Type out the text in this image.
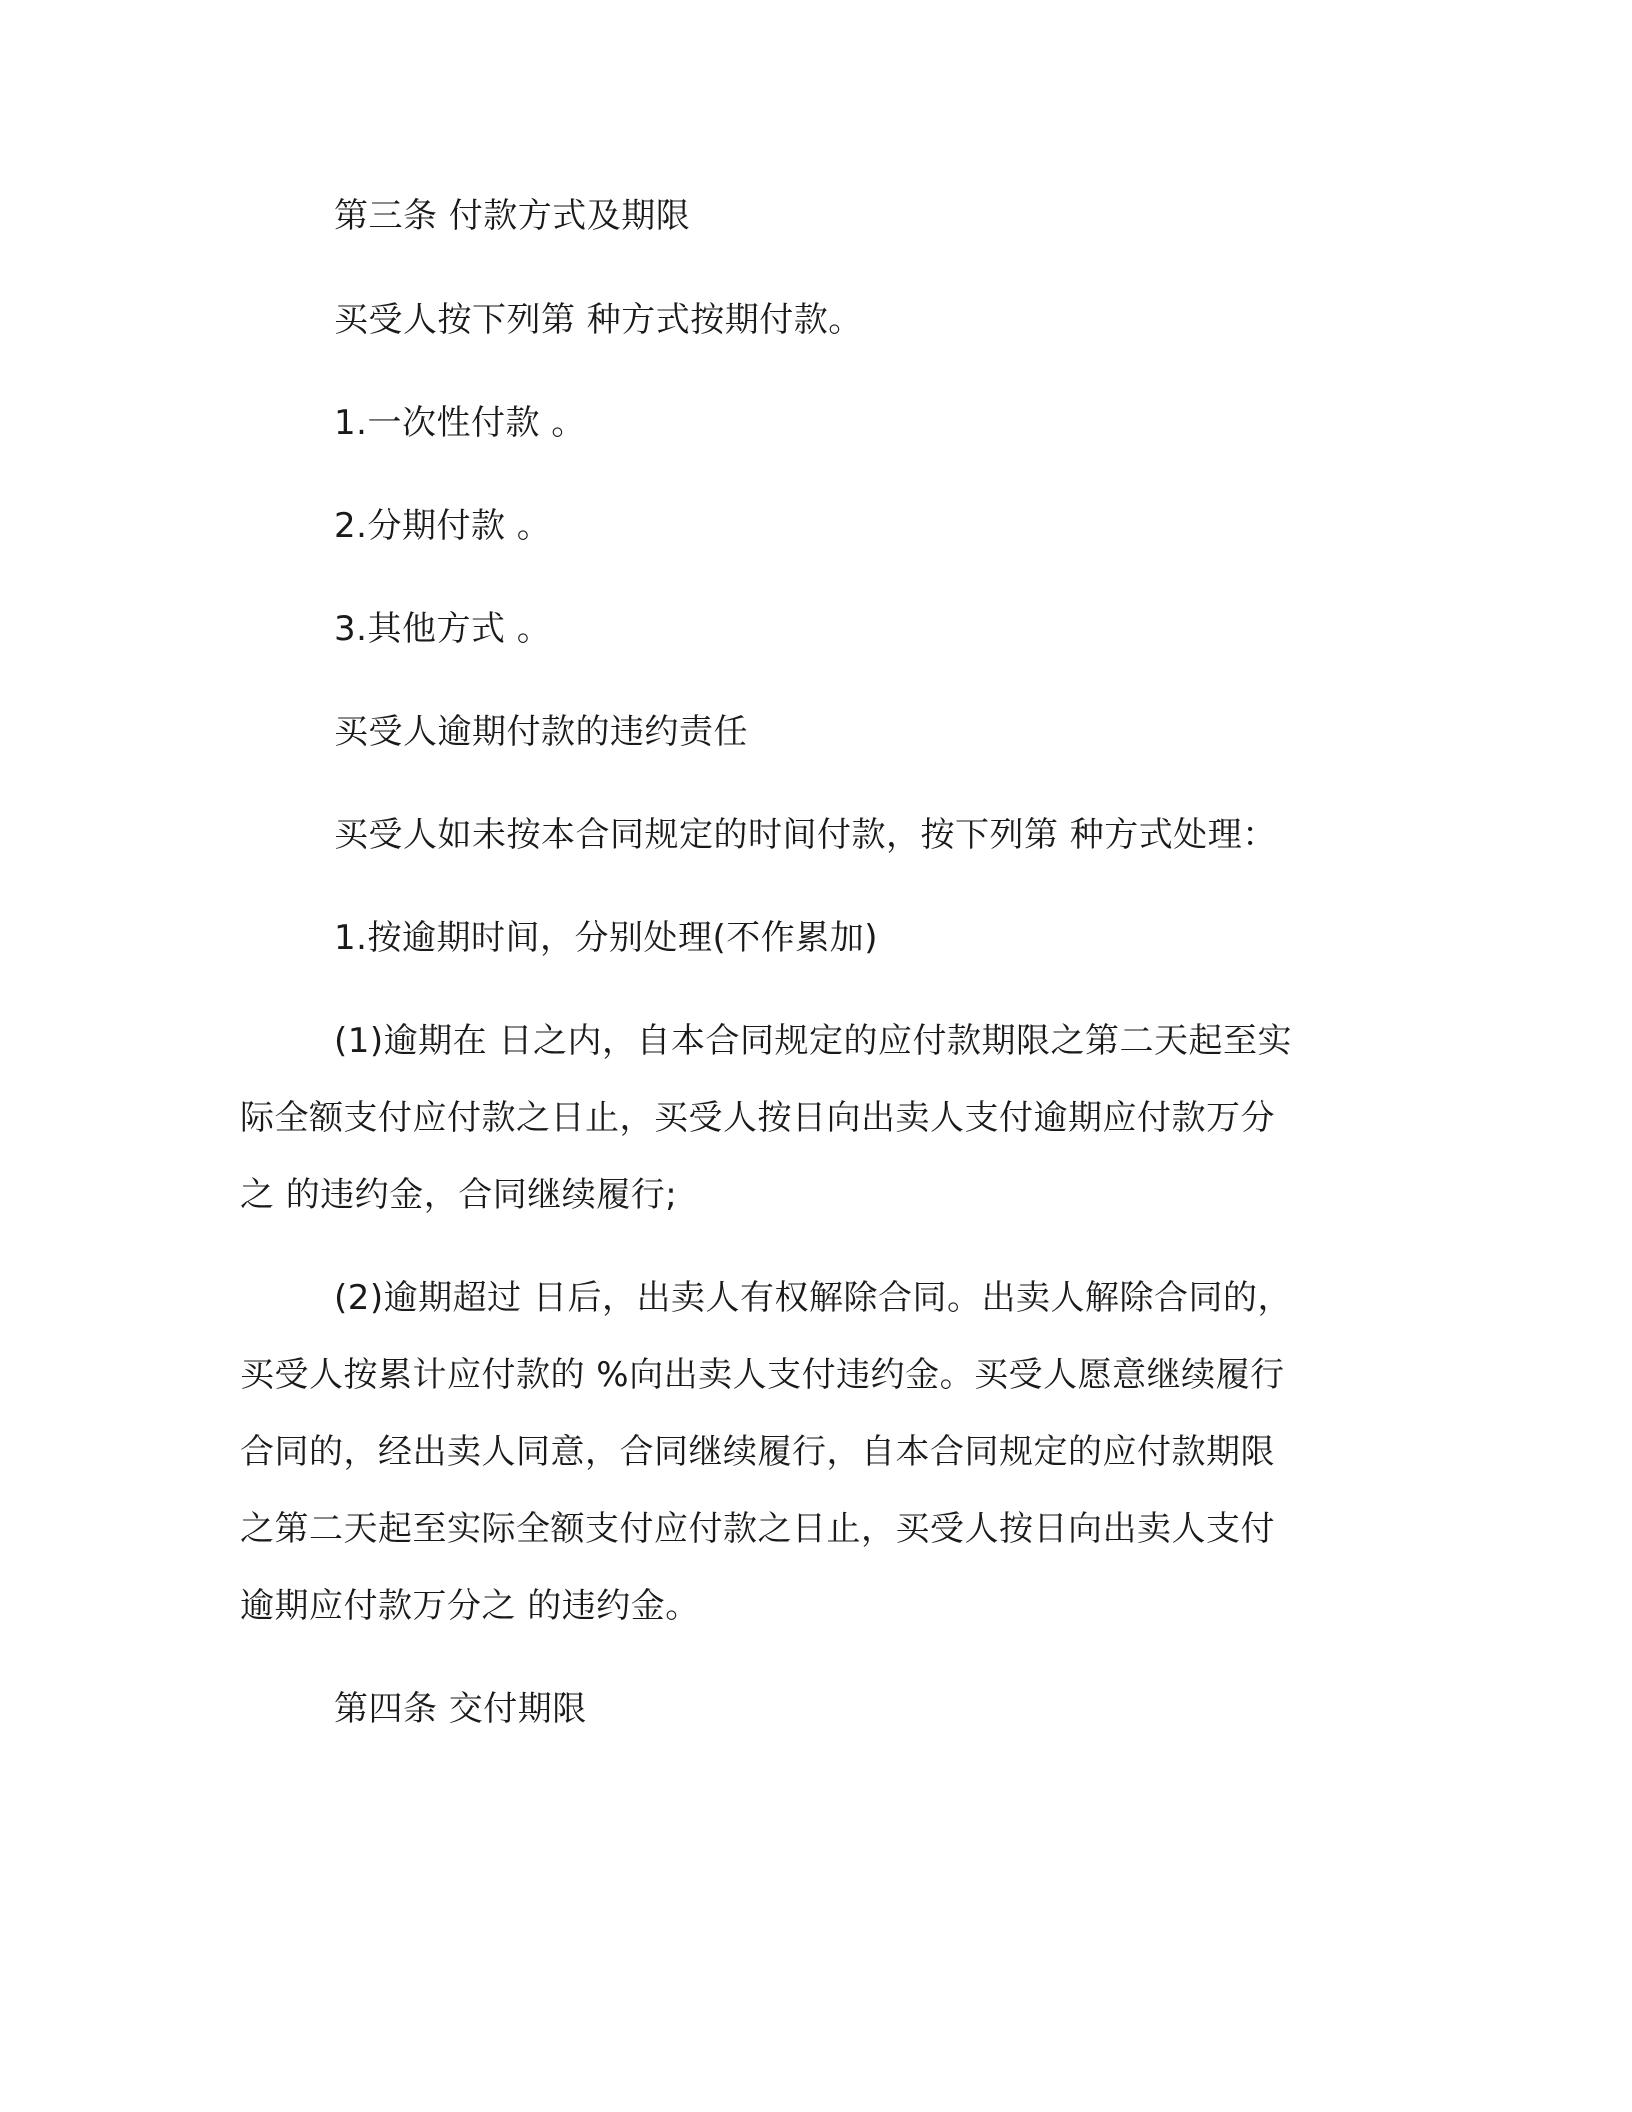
第三条 付款方式及期限
买受人按下列第 种方式按期付款。
1.一次性付款 。
2.分期付款 。
3.其他方式 。
买受人逾期付款的违约责任
买受人如未按本合同规定的时间付款，按下列第 种方式处理：
1.按逾期时间，分别处理(不作累加)
(1)逾期在 日之内，自本合同规定的应付款期限之第二天起至实
际全额支付应付款之日止，买受人按日向出卖人支付逾期应付款万分
之 的违约金，合同继续履行;
(2)逾期超过 日后，出卖人有权解除合同。出卖人解除合同的，
买受人按累计应付款的 %向出卖人支付违约金。买受人愿意继续履行
合同的，经出卖人同意，合同继续履行，自本合同规定的应付款期限
之第二天起至实际全额支付应付款之日止，买受人按日向出卖人支付
逾期应付款万分之 的违约金。
第四条 交付期限
